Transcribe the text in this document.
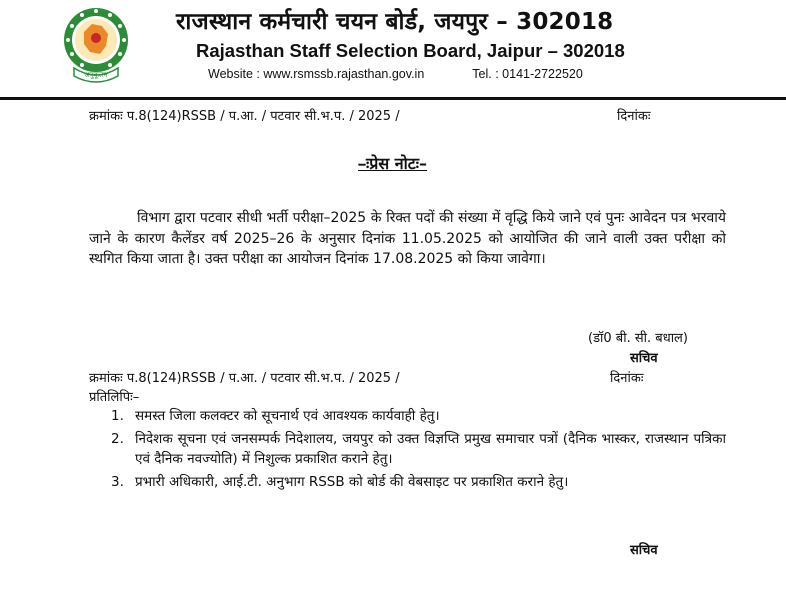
अनुकूलन
राजस्थान कर्मचारी चयन बोर्ड, जयपुर – 302018
Rajasthan Staff Selection Board, Jaipur – 302018
Website : www.rsmssb.rajasthan.gov.in	Tel. : 0141-2722520
क्रमांकः प.8(124)RSSB / प.आ. / पटवार सी.भ.प. / 2025 /	दिनांकः
–ःप्रेस नोटः–
विभाग द्वारा पटवार सीधी भर्ती परीक्षा–2025 के रिक्त पदों की संख्या में वृद्धि किये जाने एवं पुनः आवेदन पत्र भरवाये जाने के कारण कैलेंडर वर्ष 2025–26 के अनुसार दिनांक 11.05.2025 को आयोजित की जाने वाली उक्त परीक्षा को स्थगित किया जाता है। उक्त परीक्षा का आयोजन दिनांक 17.08.2025 को किया जावेगा।
(डॉ0 बी. सी. बधाल)
सचिव
क्रमांकः प.8(124)RSSB / प.आ. / पटवार सी.भ.प. / 2025 /	दिनांकः
प्रतिलिपिः–
1. समस्त जिला कलक्टर को सूचनार्थ एवं आवश्यक कार्यवाही हेतु।
2. निदेशक सूचना एवं जनसम्पर्क निदेशालय, जयपुर को उक्त विज्ञप्ति प्रमुख समाचार पत्रों (दैनिक भास्कर, राजस्थान पत्रिका एवं दैनिक नवज्योति) में निशुल्क प्रकाशित कराने हेतु।
3. प्रभारी अधिकारी, आई.टी. अनुभाग RSSB को बोर्ड की वेबसाइट पर प्रकाशित कराने हेतु।
सचिव
